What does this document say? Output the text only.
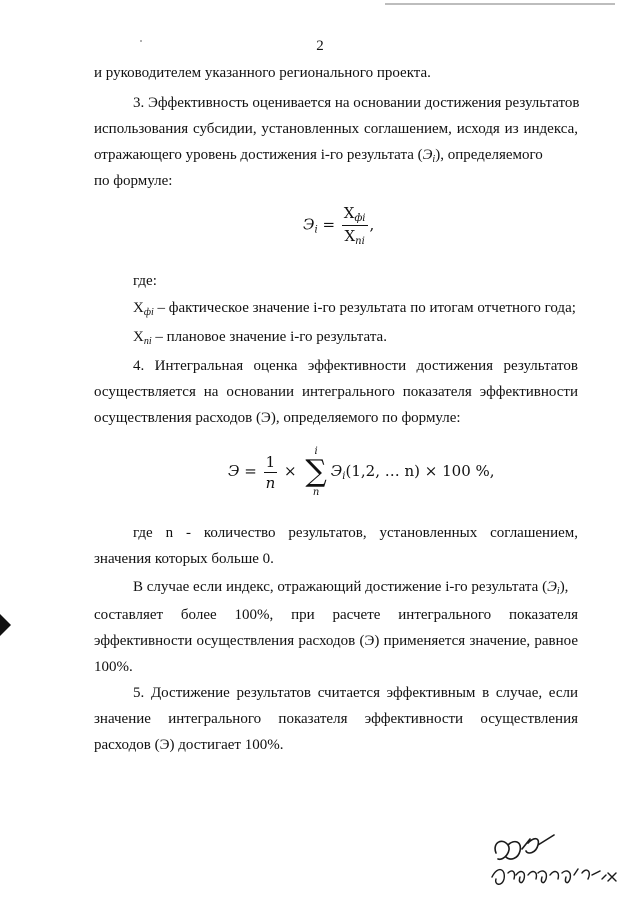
2
и руководителем указанного регионального проекта.
3. Эффективность оценивается на основании достижения результатов
использования субсидии, установленных соглашением, исходя из индекса,
отражающего уровень достижения i-го результата $(Э_i)$, определяемого
по формуле:
$Э_i = \frac{X_{фi}}{X_{пi}}$ ,
где:
$X_{фi}$ – фактическое значение i-го результата по итогам отчетного года;
$X_{пi}$ – плановое значение i-го результата.
4. Интегральная оценка эффективности достижения результатов
осуществляется на основании интегрального показателя эффективности
осуществления расходов (Э), определяемого по формуле:
$Э = \frac{1}{n}$ ×
i
∑
n
$Э_i(1,2$, … n) × 100 %,
где n - количество результатов, установленных соглашением,
значения которых больше 0.
В случае если индекс, отражающий достижение i-го результата $(Э_i)$,
составляет более 100%, при расчете интегрального показателя
эффективности осуществления расходов (Э) применяется значение, равное
100%.
5. Достижение результатов считается эффективным в случае, если
значение интегрального показателя эффективности осуществления
расходов (Э) достигает 100%.
